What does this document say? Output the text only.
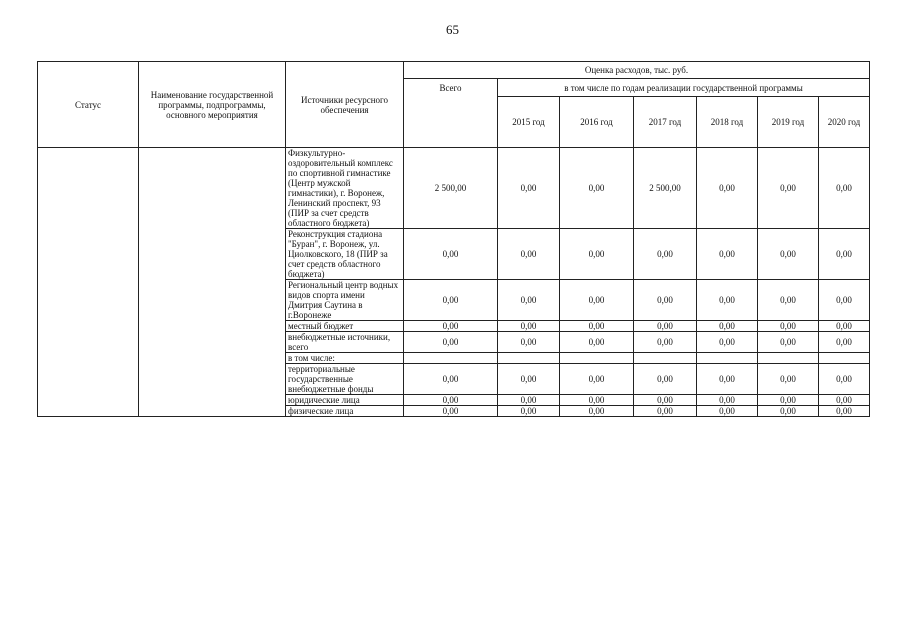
65
Статус	Наименование государственной программы, подпрограммы, основного мероприятия	Источники ресурсного обеспечения	Оценка расходов, тыс. руб.						
			Всего	в том числе по годам реализации государственной программы					
				2015 год	2016 год	2017 год	2018 год	2019 год	2020 год
		Физкультурно-оздоровительный комплекс по спортивной гимнастике (Центр мужской гимнастики), г. Воронеж, Ленинский проспект, 93 (ПИР за счет средств областного бюджета)	2 500,00	0,00	0,00	2 500,00	0,00	0,00	0,00
		Реконструкция стадиона "Буран", г. Воронеж, ул. Циолковского, 18 (ПИР за счет средств областного бюджета)	0,00	0,00	0,00	0,00	0,00	0,00	0,00
		Региональный центр водных видов спорта имени Дмитрия Саутина в г.Воронеже	0,00	0,00	0,00	0,00	0,00	0,00	0,00
		местный бюджет	0,00	0,00	0,00	0,00	0,00	0,00	0,00
		внебюджетные источники, всего	0,00	0,00	0,00	0,00	0,00	0,00	0,00
		в том числе:							
		территориальные государственные внебюджетные фонды	0,00	0,00	0,00	0,00	0,00	0,00	0,00
		юридические лица	0,00	0,00	0,00	0,00	0,00	0,00	0,00
		физические лица	0,00	0,00	0,00	0,00	0,00	0,00	0,00
